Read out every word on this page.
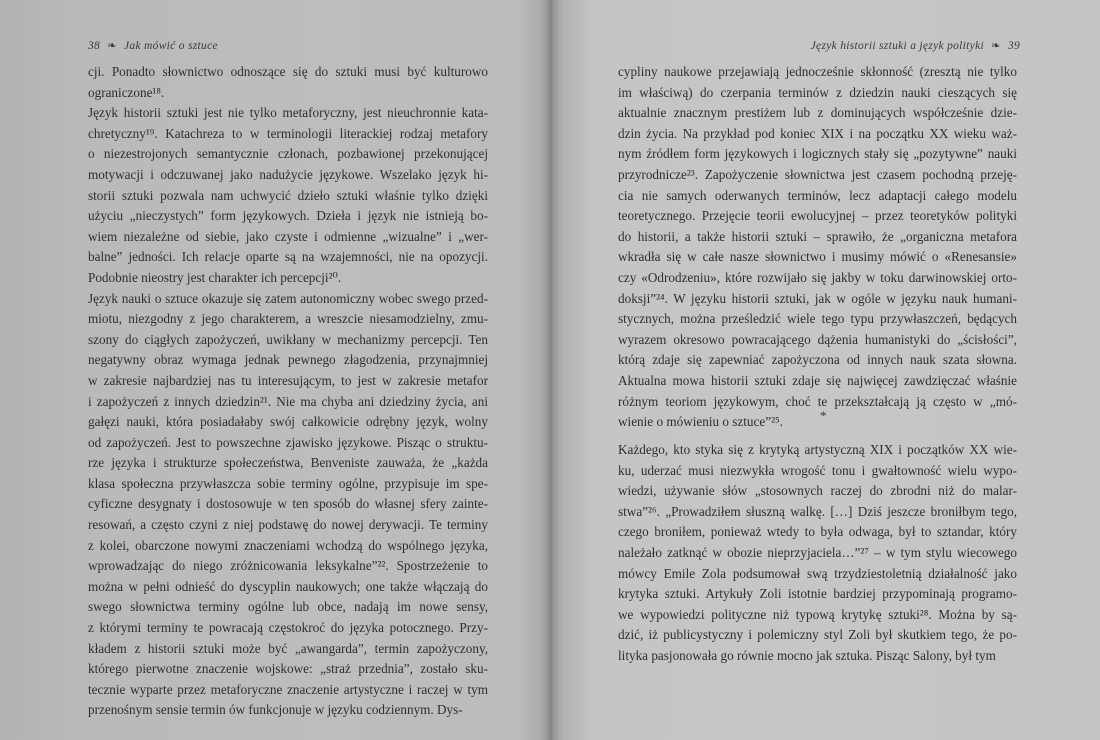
38 ❧ Jak mówić o sztuce
cji. Ponadto słownictwo odnoszące się do sztuki musi być kulturowo
ograniczone¹⁸.
Język historii sztuki jest nie tylko metaforyczny, jest nieuchronnie kata-
chretyczny¹⁹. Katachreza to w terminologii literackiej rodzaj metafory
o niezestrojonych semantycznie członach, pozbawionej przekonującej
motywacji i odczuwanej jako nadużycie językowe. Wszelako język hi-
storii sztuki pozwala nam uchwycić dzieło sztuki właśnie tylko dzięki
użyciu „nieczystych” form językowych. Dzieła i język nie istnieją bo-
wiem niezależne od siebie, jako czyste i odmienne „wizualne” i „wer-
balne” jedności. Ich relacje oparte są na wzajemności, nie na opozycji.
Podobnie nieostry jest charakter ich percepcji²⁰.
Język nauki o sztuce okazuje się zatem autonomiczny wobec swego przed-
miotu, niezgodny z jego charakterem, a wreszcie niesamodzielny, zmu-
szony do ciągłych zapożyczeń, uwikłany w mechanizmy percepcji. Ten
negatywny obraz wymaga jednak pewnego złagodzenia, przynajmniej
w zakresie najbardziej nas tu interesującym, to jest w zakresie metafor
i zapożyczeń z innych dziedzin²¹. Nie ma chyba ani dziedziny życia, ani
gałęzi nauki, która posiadałaby swój całkowicie odrębny język, wolny
od zapożyczeń. Jest to powszechne zjawisko językowe. Pisząc o struktu-
rze języka i strukturze społeczeństwa, Benveniste zauważa, że „każda
klasa społeczna przywłaszcza sobie terminy ogólne, przypisuje im spe-
cyficzne desygnaty i dostosowuje w ten sposób do własnej sfery zainte-
resowań, a często czyni z niej podstawę do nowej derywacji. Te terminy
z kolei, obarczone nowymi znaczeniami wchodzą do wspólnego języka,
wprowadzając do niego zróżnicowania leksykalne”²². Spostrzeżenie to
można w pełni odnieść do dyscyplin naukowych; one także włączają do
swego słownictwa terminy ogólne lub obce, nadają im nowe sensy,
z którymi terminy te powracają częstokroć do języka potocznego. Przy-
kładem z historii sztuki może być „awangarda”, termin zapożyczony,
którego pierwotne znaczenie wojskowe: „straż przednia”, zostało sku-
tecznie wyparte przez metaforyczne znaczenie artystyczne i raczej w tym
przenośnym sensie termin ów funkcjonuje w języku codziennym. Dys-
Język historii sztuki a język polityki ❧ 39
cypliny naukowe przejawiają jednocześnie skłonność (zresztą nie tylko
im właściwą) do czerpania terminów z dziedzin nauki cieszących się
aktualnie znacznym prestiżem lub z dominujących współcześnie dzie-
dzin życia. Na przykład pod koniec XIX i na początku XX wieku waż-
nym źródłem form językowych i logicznych stały się „pozytywne” nauki
przyrodnicze²³. Zapożyczenie słownictwa jest czasem pochodną przeję-
cia nie samych oderwanych terminów, lecz adaptacji całego modelu
teoretycznego. Przejęcie teorii ewolucyjnej – przez teoretyków polityki
do historii, a także historii sztuki – sprawiło, że „organiczna metafora
wkradła się w całe nasze słownictwo i musimy mówić o «Renesansie»
czy «Odrodzeniu», które rozwijało się jakby w toku darwinowskiej orto-
doksji”²⁴. W języku historii sztuki, jak w ogóle w języku nauk humani-
stycznych, można prześledzić wiele tego typu przywłaszczeń, będących
wyrazem okresowo powracającego dążenia humanistyki do „ścisłości”,
którą zdaje się zapewniać zapożyczona od innych nauk szata słowna.
Aktualna mowa historii sztuki zdaje się najwięcej zawdzięczać właśnie
różnym teoriom językowym, choć te przekształcają ją często w „mó-
wienie o mówieniu o sztuce”²⁵.	*
Każdego, kto styka się z krytyką artystyczną XIX i początków XX wie-
ku, uderzać musi niezwykła wrogość tonu i gwałtowność wielu wypo-
wiedzi, używanie słów „stosownych raczej do zbrodni niż do malar-
stwa”²⁶. „Prowadziłem słuszną walkę. […] Dziś jeszcze broniłbym tego,
czego broniłem, ponieważ wtedy to była odwaga, był to sztandar, który
należało zatknąć w obozie nieprzyjaciela…”²⁷ – w tym stylu wiecowego
mówcy Emile Zola podsumował swą trzydziestoletnią działalność jako
krytyka sztuki. Artykuły Zoli istotnie bardziej przypominają programo-
we wypowiedzi polityczne niż typową krytykę sztuki²⁸. Można by są-
dzić, iż publicystyczny i polemiczny styl Zoli był skutkiem tego, że po-
lityka pasjonowała go równie mocno jak sztuka. Pisząc Salony, był tym
